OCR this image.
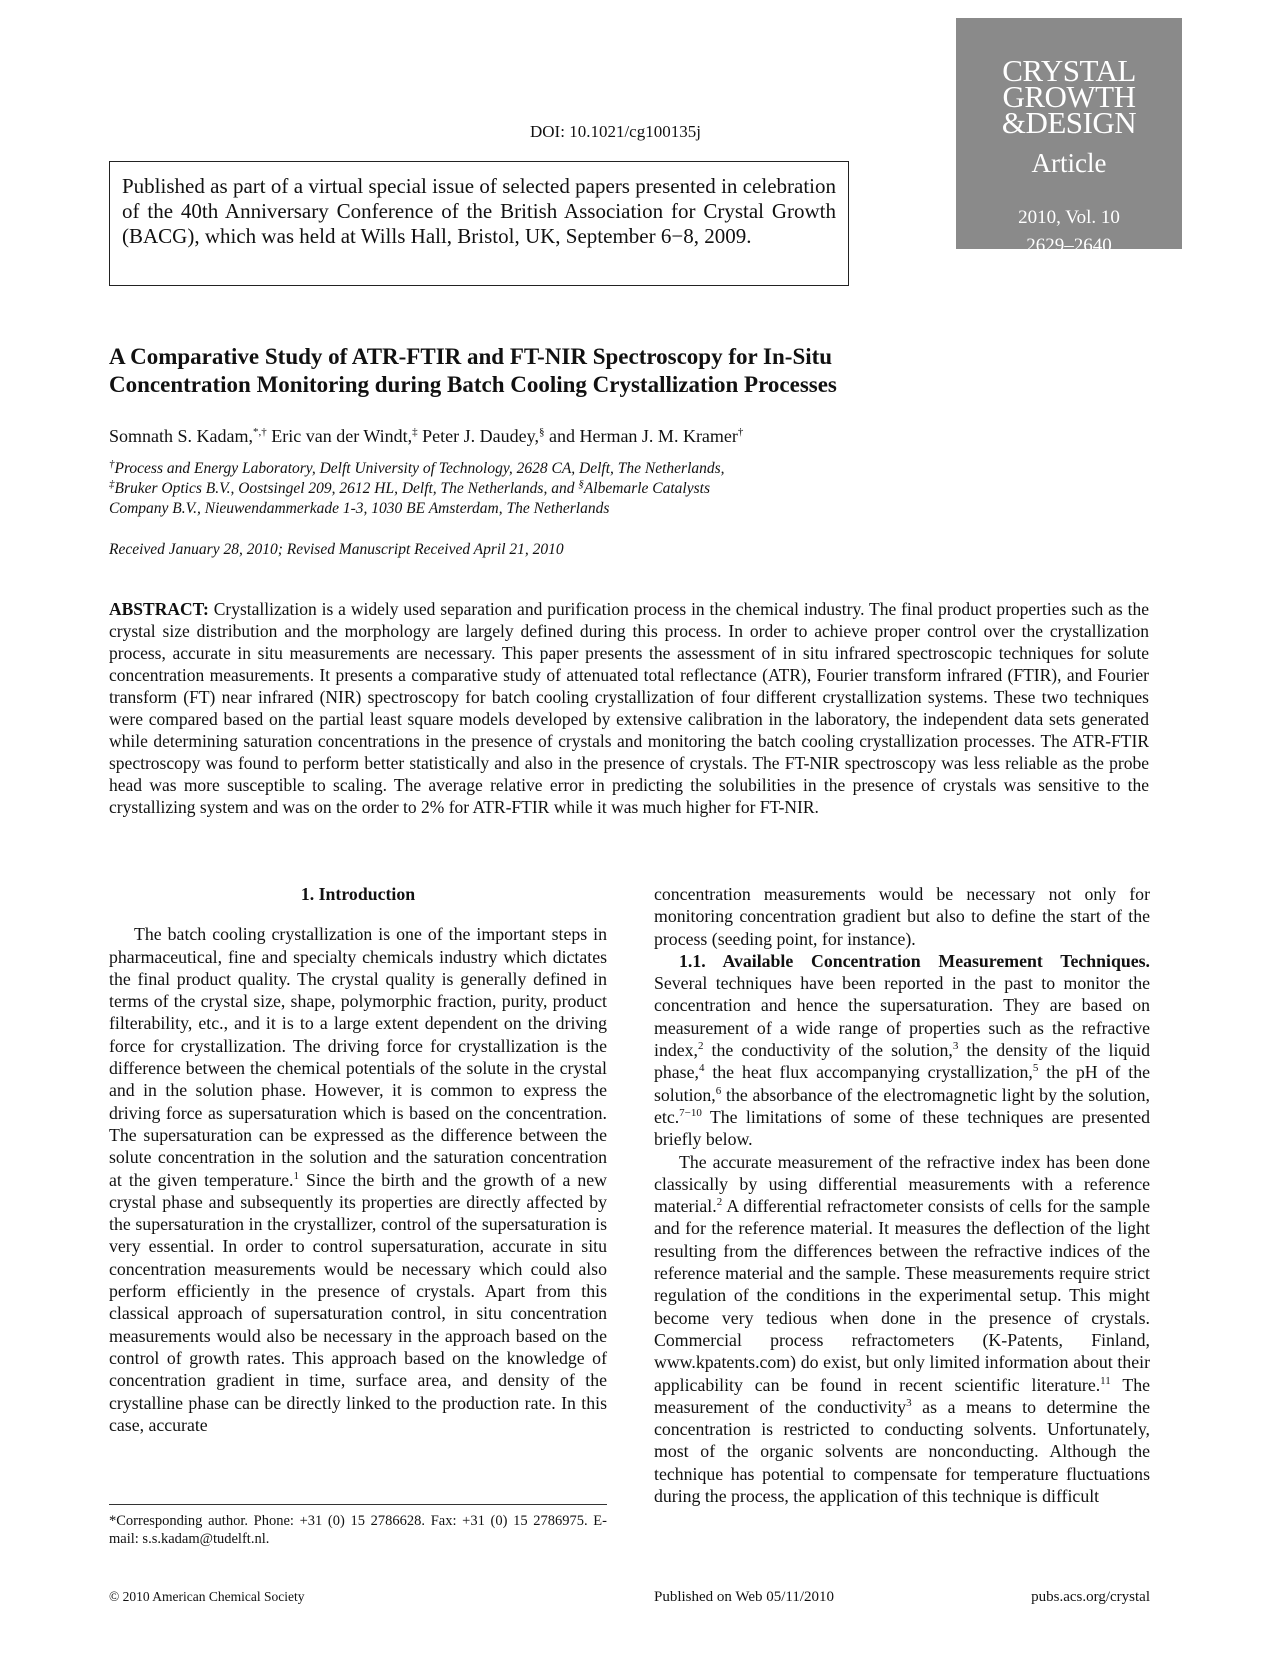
DOI: 10.1021/cg100135j
Published as part of a virtual special issue of selected papers presented in celebration of the 40th Anniversary Conference of the British Association for Crystal Growth (BACG), which was held at Wills Hall, Bristol, UK, September 6−8, 2009.
CRYSTAL
GROWTH
&DESIGN
Article
2010, Vol. 10
2629–2640
A Comparative Study of ATR-FTIR and FT-NIR Spectroscopy for In-Situ
Concentration Monitoring during Batch Cooling Crystallization Processes
Somnath S. Kadam,*,† Eric van der Windt,‡ Peter J. Daudey,§ and Herman J. M. Kramer†
†Process and Energy Laboratory, Delft University of Technology, 2628 CA, Delft, The Netherlands,
‡Bruker Optics B.V., Oostsingel 209, 2612 HL, Delft, The Netherlands, and §Albemarle Catalysts
Company B.V., Nieuwendammerkade 1-3, 1030 BE Amsterdam, The Netherlands
Received January 28, 2010; Revised Manuscript Received April 21, 2010
ABSTRACT: Crystallization is a widely used separation and purification process in the chemical industry. The final product properties such as the crystal size distribution and the morphology are largely defined during this process. In order to achieve proper control over the crystallization process, accurate in situ measurements are necessary. This paper presents the assessment of in situ infrared spectroscopic techniques for solute concentration measurements. It presents a comparative study of attenuated total reflectance (ATR), Fourier transform infrared (FTIR), and Fourier transform (FT) near infrared (NIR) spectroscopy for batch cooling crystallization of four different crystallization systems. These two techniques were compared based on the partial least square models developed by extensive calibration in the laboratory, the independent data sets generated while determining saturation concentrations in the presence of crystals and monitoring the batch cooling crystallization processes. The ATR-FTIR spectroscopy was found to perform better statistically and also in the presence of crystals. The FT-NIR spectroscopy was less reliable as the probe head was more susceptible to scaling. The average relative error in predicting the solubilities in the presence of crystals was sensitive to the crystallizing system and was on the order to 2% for ATR-FTIR while it was much higher for FT-NIR.
1. Introduction

The batch cooling crystallization is one of the important steps in pharmaceutical, fine and specialty chemicals industry which dictates the final product quality. The crystal quality is generally defined in terms of the crystal size, shape, polymorphic fraction, purity, product filterability, etc., and it is to a large extent dependent on the driving force for crystallization. The driving force for crystallization is the difference between the chemical potentials of the solute in the crystal and in the solution phase. However, it is common to express the driving force as supersaturation which is based on the concentration. The supersaturation can be expressed as the difference between the solute concentration in the solution and the saturation concentration at the given temperature.$^1$ Since the birth and the growth of a new crystal phase and subsequently its properties are directly affected by the supersaturation in the crystallizer, control of the supersaturation is very essential. In order to control supersaturation, accurate in situ concentration measurements would be necessary which could also perform efficiently in the presence of crystals. Apart from this classical approach of supersaturation control, in situ concentration measurements would also be necessary in the approach based on the control of growth rates. This approach based on the knowledge of concentration gradient in time, surface area, and density of the crystalline phase can be directly linked to the production rate. In this case, accurate

concentration measurements would be necessary not only for monitoring concentration gradient but also to define the start of the process (seeding point, for instance).

1.1. Available Concentration Measurement Techniques. Several techniques have been reported in the past to monitor the concentration and hence the supersaturation. They are based on measurement of a wide range of properties such as the refractive index,$^2$ the conductivity of the solution,$^3$ the density of the liquid phase,$^4$ the heat flux accompanying crystallization,$^5$ the pH of the solution,$^6$ the absorbance of the electromagnetic light by the solution, etc.$^{7-10}$ The limitations of some of these techniques are presented briefly below.

The accurate measurement of the refractive index has been done classically by using differential measurements with a reference material.$^2$ A differential refractometer consists of cells for the sample and for the reference material. It measures the deflection of the light resulting from the differences between the refractive indices of the reference material and the sample. These measurements require strict regulation of the conditions in the experimental setup. This might become very tedious when done in the presence of crystals. Commercial process refractometers (K-Patents, Finland, www.kpatents.com) do exist, but only limited information about their applicability can be found in recent scientific literature.$^{11}$ The measurement of the conductivity$^3$ as a means to determine the concentration is restricted to conducting solvents. Unfortunately, most of the organic solvents are nonconducting. Although the technique has potential to compensate for temperature fluctuations during the process, the application of this technique is difficult

*Corresponding author. Phone: +31 (0) 15 2786628. Fax: +31 (0) 15 2786975. E-mail: s.s.kadam@tudelft.nl.
© 2010 American Chemical Society	Published on Web 05/11/2010	pubs.acs.org/crystal
